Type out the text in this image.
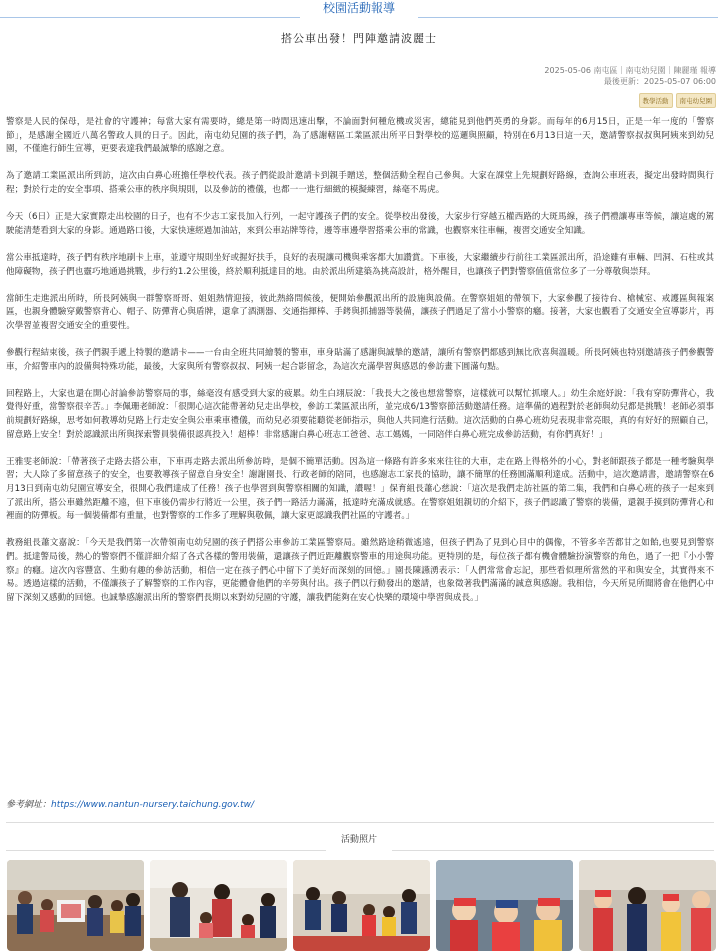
校園活動報導
搭公車出發！門陣邀請波麗士
2025-05-06 南屯區｜南屯幼兒園｜陳麗瑾 報導
最後更新：2025-05-07 06:00
教學活動	南屯幼兒園

警察是人民的保母，是社會的守護神；每當大家有需要時，總是第一時間迅速出擊，不論面對何種危機或災害，總能見到他們英勇的身影。而每年的6月15日，正是一年一度的「警察節」，是感謝全國近八萬名警政人員的日子。因此，南屯幼兒園的孩子們，為了感謝轄區工業區派出所平日對學校的巡邏與照顧，特別在6月13日這一天，邀請警察叔叔與阿姨來到幼兒園，不僅進行師生宣導，更要表達我們最誠摯的感謝之意。

為了邀請工業區派出所到訪，這次由白鼻心班擔任學校代表。孩子們從設計邀請卡到親手贈送，整個活動全程自己參與。大家在課堂上先規劃好路線，查詢公車班表，擬定出發時間與行程；對於行走的安全事項、搭乘公車的秩序與規則，以及參訪的禮儀，也都一一進行細緻的模擬練習，絲毫不馬虎。

今天（6日）正是大家實際走出校園的日子，也有不少志工家長加入行列，一起守護孩子們的安全。從學校出發後，大家步行穿越五權西路的大斑馬線，孩子們禮讓專車等候，讓這處的駕駛能清楚看到大家的身影。通過路口後，大家快速經過加油站，來到公車站牌等待，邊等車邊學習搭乘公車的常識，也觀察來往車輛，複習交通安全知識。

當公車抵達時，孩子們有秩序地刷卡上車，並遵守規則坐好或握好扶手，良好的表現讓司機與乘客都大加讚賞。下車後，大家繼續步行前往工業區派出所，沿途雖有車輛、凹洞、石柱或其他障礙物，孩子們也靈巧地通過挑戰，步行約1.2公里後，終於順利抵達目的地。由於派出所建築為挑高設計，格外醒目，也讓孩子們對警察值值常位多了一分尊敬與崇拜。

當師生走進派出所時，所長阿姨與一群警察哥哥、姐姐熱情迎接，彼此熱絡問候後，便開始參觀派出所的設施與設備。在警察姐姐的帶領下，大家參觀了接待台、槍械室、戒護區與報案區，也親身體驗穿戴警察背心、帽子、防彈背心與盾牌，還拿了酒測器、交通指揮棒、手銬與抓捕器等裝備，讓孩子們過足了當小小警察的癮。接著，大家也觀看了交通安全宣導影片，再次學習並複習交通安全的重要性。

參觀行程結束後，孩子們親手遞上特製的邀請卡——一台由全班共同繪製的警車，車身貼滿了感謝與誠摯的邀請，讓所有警察們都感到無比欣喜與溫暖。所長阿姨也特別邀請孩子們參觀警車，介紹警車內的設備與特殊功能，最後，大家與所有警察叔叔、阿姨一起合影留念，為這次充滿學習與感恩的參訪畫下圓滿句點。

回程路上，大家也還在開心討論參訪警察局的事，絲毫沒有感受到大家的疲累。幼生白翊辰說：「我長大之後也想當警察，這樣就可以幫忙抓壞人。」幼生余庭妤說：「我有穿防彈背心，我覺得好重，當警察很辛苦。」李佩珊老師說：「很開心這次能帶著幼兒走出學校，參訪工業區派出所，並完成6/13警察節活動邀請任務。這準備的過程對於老師與幼兒都是挑戰！老師必須事前規劃好路線，思考如何教導幼兒路上行走安全與公車乘車禮儀，而幼兒必須要能聽從老師指示，與他人共同進行活動。這次活動的白鼻心班幼兒表現非常亮眼，真的有好好的照顧自己，留意路上安全！對於認識派出所與探索警員裝備很認真投入！超棒！非常感謝白鼻心班志工爸爸、志工媽媽，一同陪伴白鼻心班完成參訪活動，有你們真好！」

王雅雯老師說：「帶著孩子走路去搭公車，下車再走路去派出所參訪時，是個不簡單活動。因為這一條路有許多來來往往的大車，走在路上得格外的小心，對老師跟孩子都是一種考驗與學習；大人除了多留意孩子的安全，也要教導孩子留意自身安全！謝謝園長、行政老師的陪同，也感謝志工家長的協助，讓不簡單的任務圓滿順利達成。活動中，這次邀請書，邀請警察在6月13日到南屯幼兒園宣導安全，很開心我們達成了任務！孩子也學習到與警察相關的知識，讚喔！」保育組長蕭心慈說：「這次是我們走訪社區的第二集，我們和白鼻心班的孩子一起來到了派出所，搭公車雖然距離不遠，但下車後仍需步行將近一公里，孩子們一路活力滿滿，抵達時充滿成就感。在警察姐姐親切的介紹下，孩子們認識了警察的裝備，還親手摸到防彈背心和裡面的防彈板。每一個裝備都有重量，也對警察的工作多了理解與敬佩，讓大家更認識我們社區的守護者。」

教務組長蕭文嘉說：「今天是我們第一次帶領南屯幼兒園的孩子們搭公車參訪工業區警察局。雖然路途稍微遙遠，但孩子們為了見到心目中的偶像，不管多辛苦都甘之如飴,也要見到警察們。抵達警局後，熱心的警察們不僅詳細介紹了各式各樣的警用裝備，還讓孩子們近距離觀察警車的用途與功能。更特別的是，每位孩子都有機會體驗扮演警察的角色，過了一把『小小警察』的癮。這次內容豐富、生動有趣的參訪活動，相信一定在孩子們心中留下了美好而深刻的回憶。」園長陳讌湧表示：「人們常常會忘記，那些看似理所當然的平和與安全，其實得來不易。透過這樣的活動，不僅讓孩子了解警察的工作內容，更能體會他們的辛勞與付出。孩子們以行動發出的邀請，也象徵著我們滿滿的誠意與感謝。我相信，今天所見所聞將會在他們心中留下深刻又感動的回憶。也誠摯感謝派出所的警察們長期以來對幼兒園的守護，讓我們能夠在安心快樂的環境中學習與成長。」

參考網址：https://www.nantun-nursery.taichung.gov.tw/
活動照片
